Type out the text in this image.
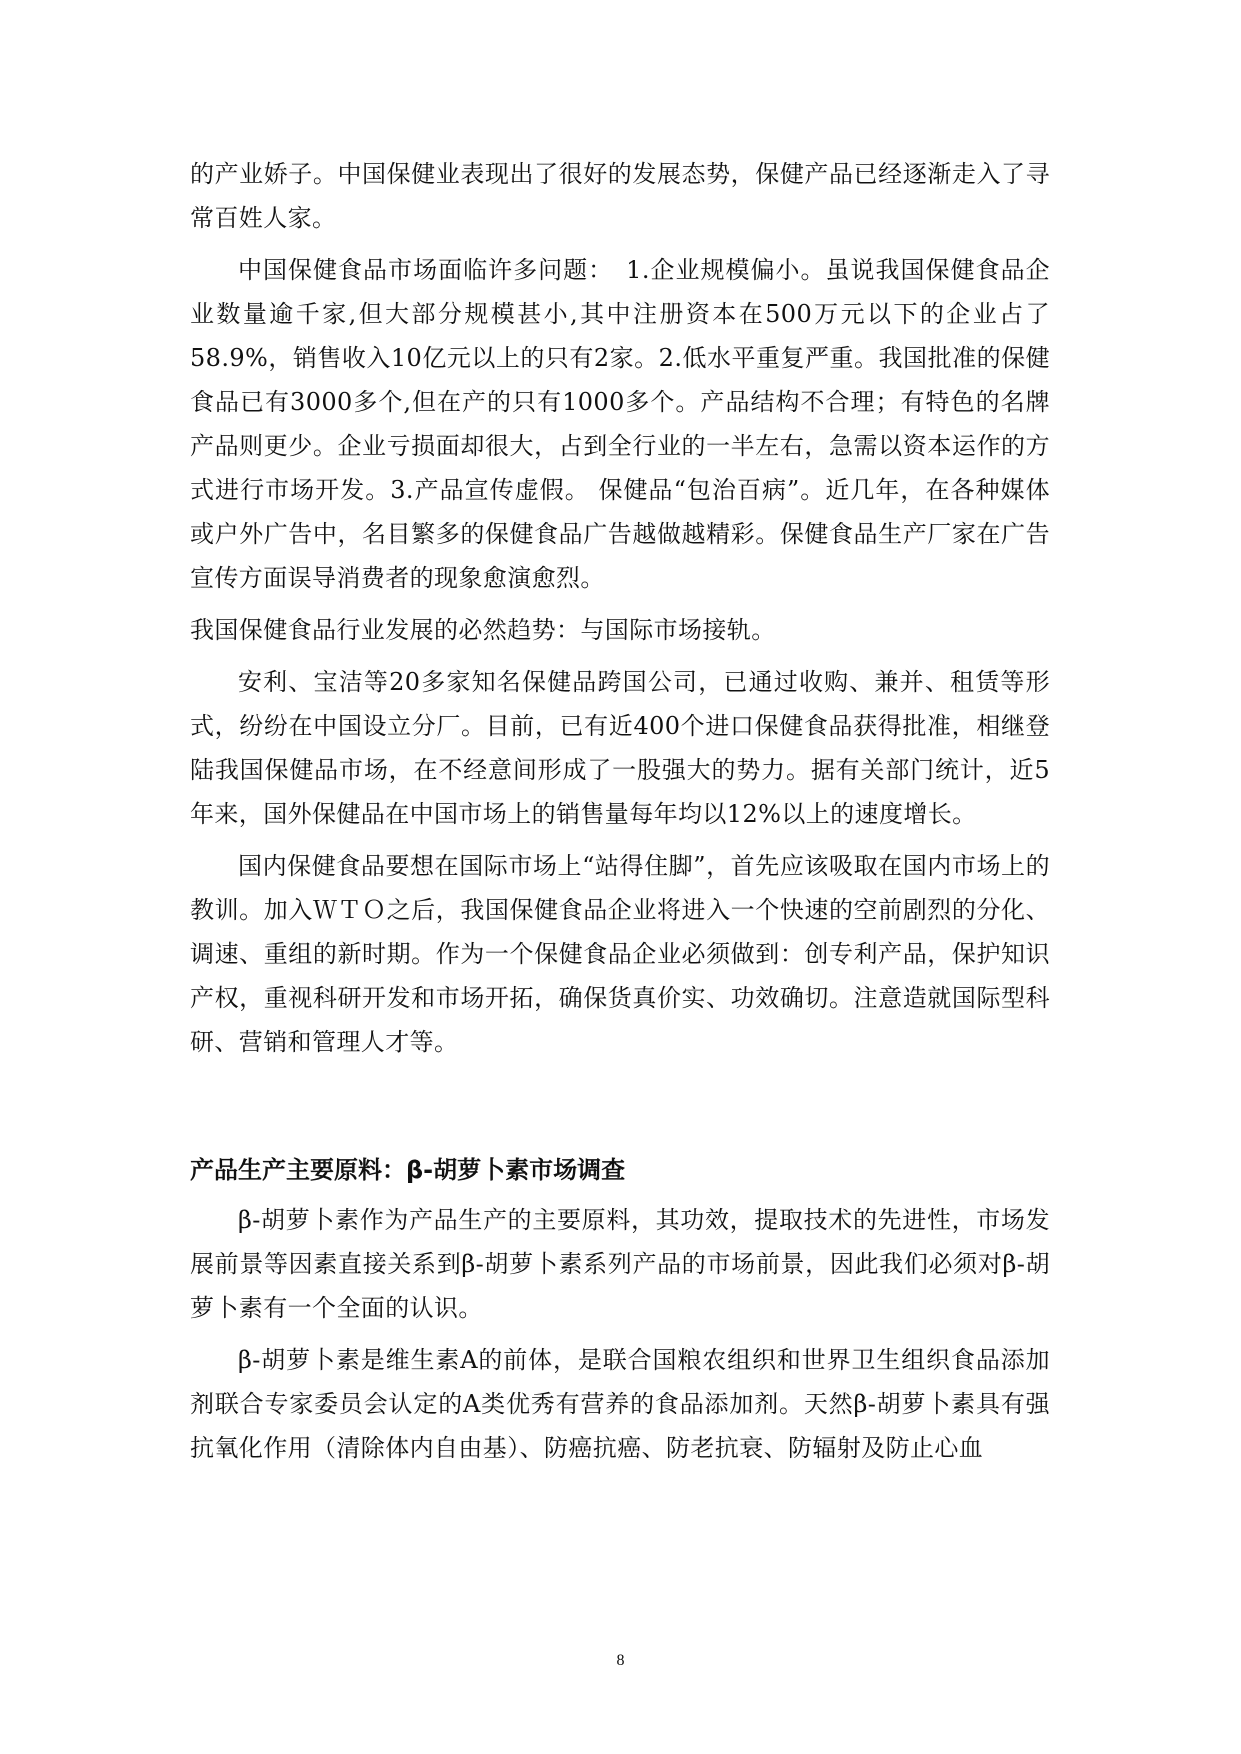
的产业娇子。中国保健业表现出了很好的发展态势，保健产品已经逐渐走入了寻常百姓人家。

中国保健食品市场面临许多问题：　1.企业规模偏小。虽说我国保健食品企业数量逾千家,但大部分规模甚小,其中注册资本在500万元以下的企业占了58.9%，销售收入10亿元以上的只有2家。2.低水平重复严重。我国批准的保健食品已有3000多个,但在产的只有1000多个。产品结构不合理；有特色的名牌产品则更少。企业亏损面却很大，占到全行业的一半左右，急需以资本运作的方式进行市场开发。3.产品宣传虚假。 保健品“包治百病”。近几年，在各种媒体或户外广告中，名目繁多的保健食品广告越做越精彩。保健食品生产厂家在广告宣传方面误导消费者的现象愈演愈烈。

我国保健食品行业发展的必然趋势：与国际市场接轨。

安利、宝洁等20多家知名保健品跨国公司，已通过收购、兼并、租赁等形式，纷纷在中国设立分厂。目前，已有近400个进口保健食品获得批准，相继登陆我国保健品市场，在不经意间形成了一股强大的势力。据有关部门统计，近5年来，国外保健品在中国市场上的销售量每年均以12%以上的速度增长。

国内保健食品要想在国际市场上“站得住脚”，首先应该吸取在国内市场上的教训。加入ＷＴＯ之后，我国保健食品企业将进入一个快速的空前剧烈的分化、调速、重组的新时期。作为一个保健食品企业必须做到：创专利产品，保护知识产权，重视科研开发和市场开拓，确保货真价实、功效确切。注意造就国际型科研、营销和管理人才等。

产品生产主要原料：β-胡萝卜素市场调查

β-胡萝卜素作为产品生产的主要原料，其功效，提取技术的先进性，市场发展前景等因素直接关系到β-胡萝卜素系列产品的市场前景，因此我们必须对β-胡萝卜素有一个全面的认识。

β-胡萝卜素是维生素A的前体，是联合国粮农组织和世界卫生组织食品添加剂联合专家委员会认定的A类优秀有营养的食品添加剂。天然β-胡萝卜素具有强抗氧化作用（清除体内自由基）、防癌抗癌、防老抗衰、防辐射及防止心血

8
